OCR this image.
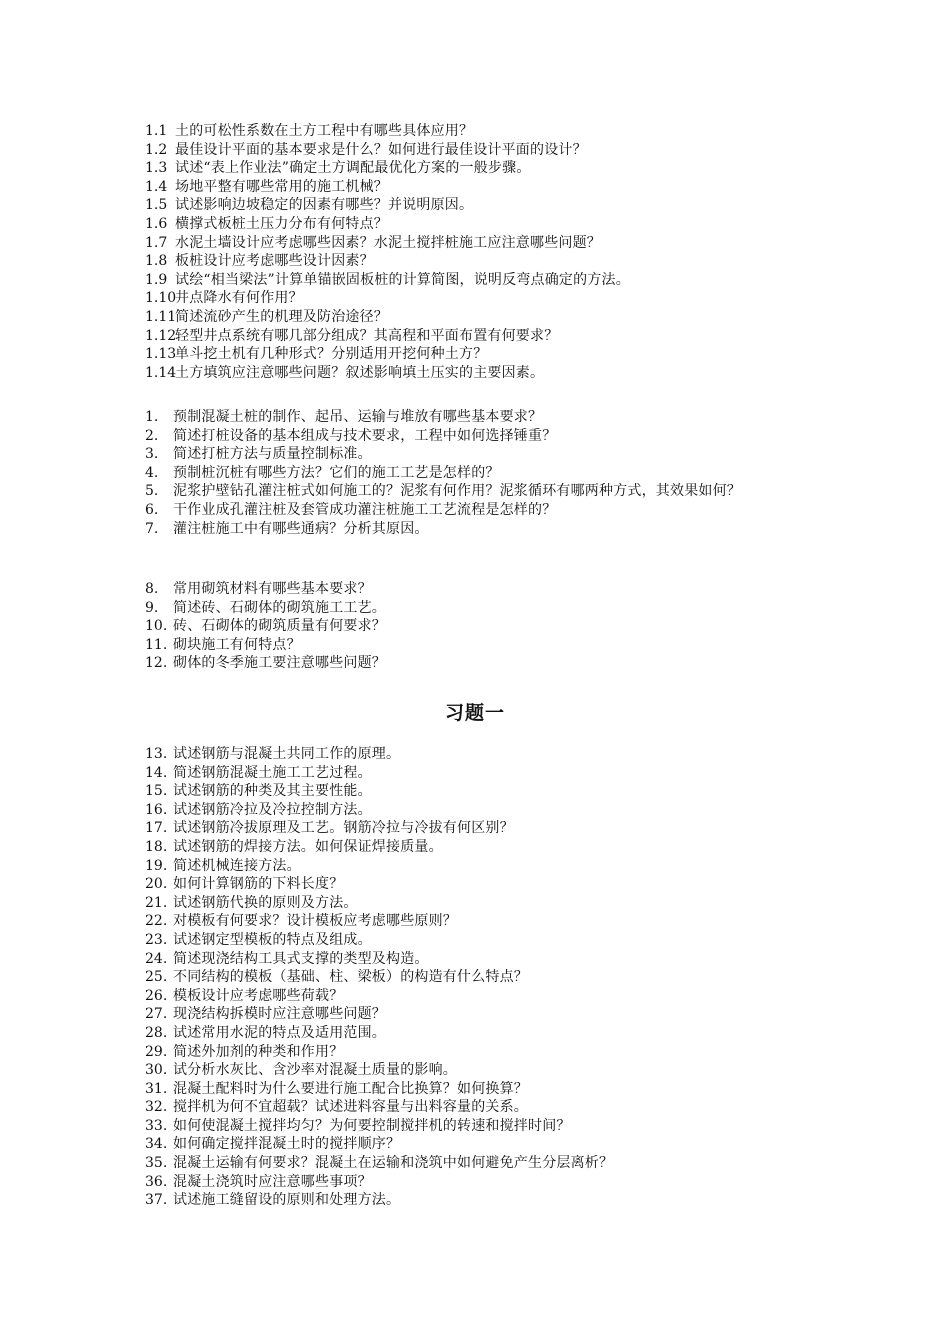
1.1 土的可松性系数在土方工程中有哪些具体应用？
1.2 最佳设计平面的基本要求是什么？如何进行最佳设计平面的设计？
1.3 试述“表上作业法”确定土方调配最优化方案的一般步骤。
1.4 场地平整有哪些常用的施工机械？
1.5 试述影响边坡稳定的因素有哪些？并说明原因。
1.6 横撑式板桩土压力分布有何特点？
1.7 水泥土墙设计应考虑哪些因素？水泥土搅拌桩施工应注意哪些问题？
1.8 板桩设计应考虑哪些设计因素？
1.9 试绘“相当梁法”计算单锚嵌固板桩的计算简图，说明反弯点确定的方法。
1.10
井点降水有何作用？
1.11
简述流砂产生的机理及防治途径？
1.12
轻型井点系统有哪几部分组成？其高程和平面布置有何要求？
1.13
单斗挖土机有几种形式？分别适用开挖何种土方？
1.14
土方填筑应注意哪些问题？叙述影响填土压实的主要因素。
1.	预制混凝土桩的制作、起吊、运输与堆放有哪些基本要求？
2.	简述打桩设备的基本组成与技术要求，工程中如何选择锤重？
3.	简述打桩方法与质量控制标准。
4.	预制桩沉桩有哪些方法？它们的施工工艺是怎样的？
5.	泥浆护壁钻孔灌注桩式如何施工的？泥浆有何作用？泥浆循环有哪两种方式，其效果如何？
6.	干作业成孔灌注桩及套管成功灌注桩施工工艺流程是怎样的？
7.	灌注桩施工中有哪些通病？分析其原因。
8.	常用砌筑材料有哪些基本要求？
9.	简述砖、石砌体的砌筑施工工艺。
10. 砖、石砌体的砌筑质量有何要求？
11. 砌块施工有何特点？
12. 砌体的冬季施工要注意哪些问题？
习题一
13. 试述钢筋与混凝土共同工作的原理。
14. 简述钢筋混凝土施工工艺过程。
15. 试述钢筋的种类及其主要性能。
16. 试述钢筋冷拉及冷拉控制方法。
17. 试述钢筋冷拔原理及工艺。钢筋冷拉与冷拔有何区别？
18. 试述钢筋的焊接方法。如何保证焊接质量。
19. 简述机械连接方法。
20. 如何计算钢筋的下料长度？
21. 试述钢筋代换的原则及方法。
22. 对模板有何要求？设计模板应考虑哪些原则？
23. 试述钢定型模板的特点及组成。
24. 简述现浇结构工具式支撑的类型及构造。
25. 不同结构的模板（基础、柱、梁板）的构造有什么特点？
26. 模板设计应考虑哪些荷载？
27. 现浇结构拆模时应注意哪些问题？
28. 试述常用水泥的特点及适用范围。
29. 简述外加剂的种类和作用？
30. 试分析水灰比、含沙率对混凝土质量的影响。
31. 混凝土配料时为什么要进行施工配合比换算？如何换算？
32. 搅拌机为何不宜超载？试述进料容量与出料容量的关系。
33. 如何使混凝土搅拌均匀？为何要控制搅拌机的转速和搅拌时间？
34. 如何确定搅拌混凝土时的搅拌顺序？
35. 混凝土运输有何要求？混凝土在运输和浇筑中如何避免产生分层离析？
36. 混凝土浇筑时应注意哪些事项？
37. 试述施工缝留设的原则和处理方法。
